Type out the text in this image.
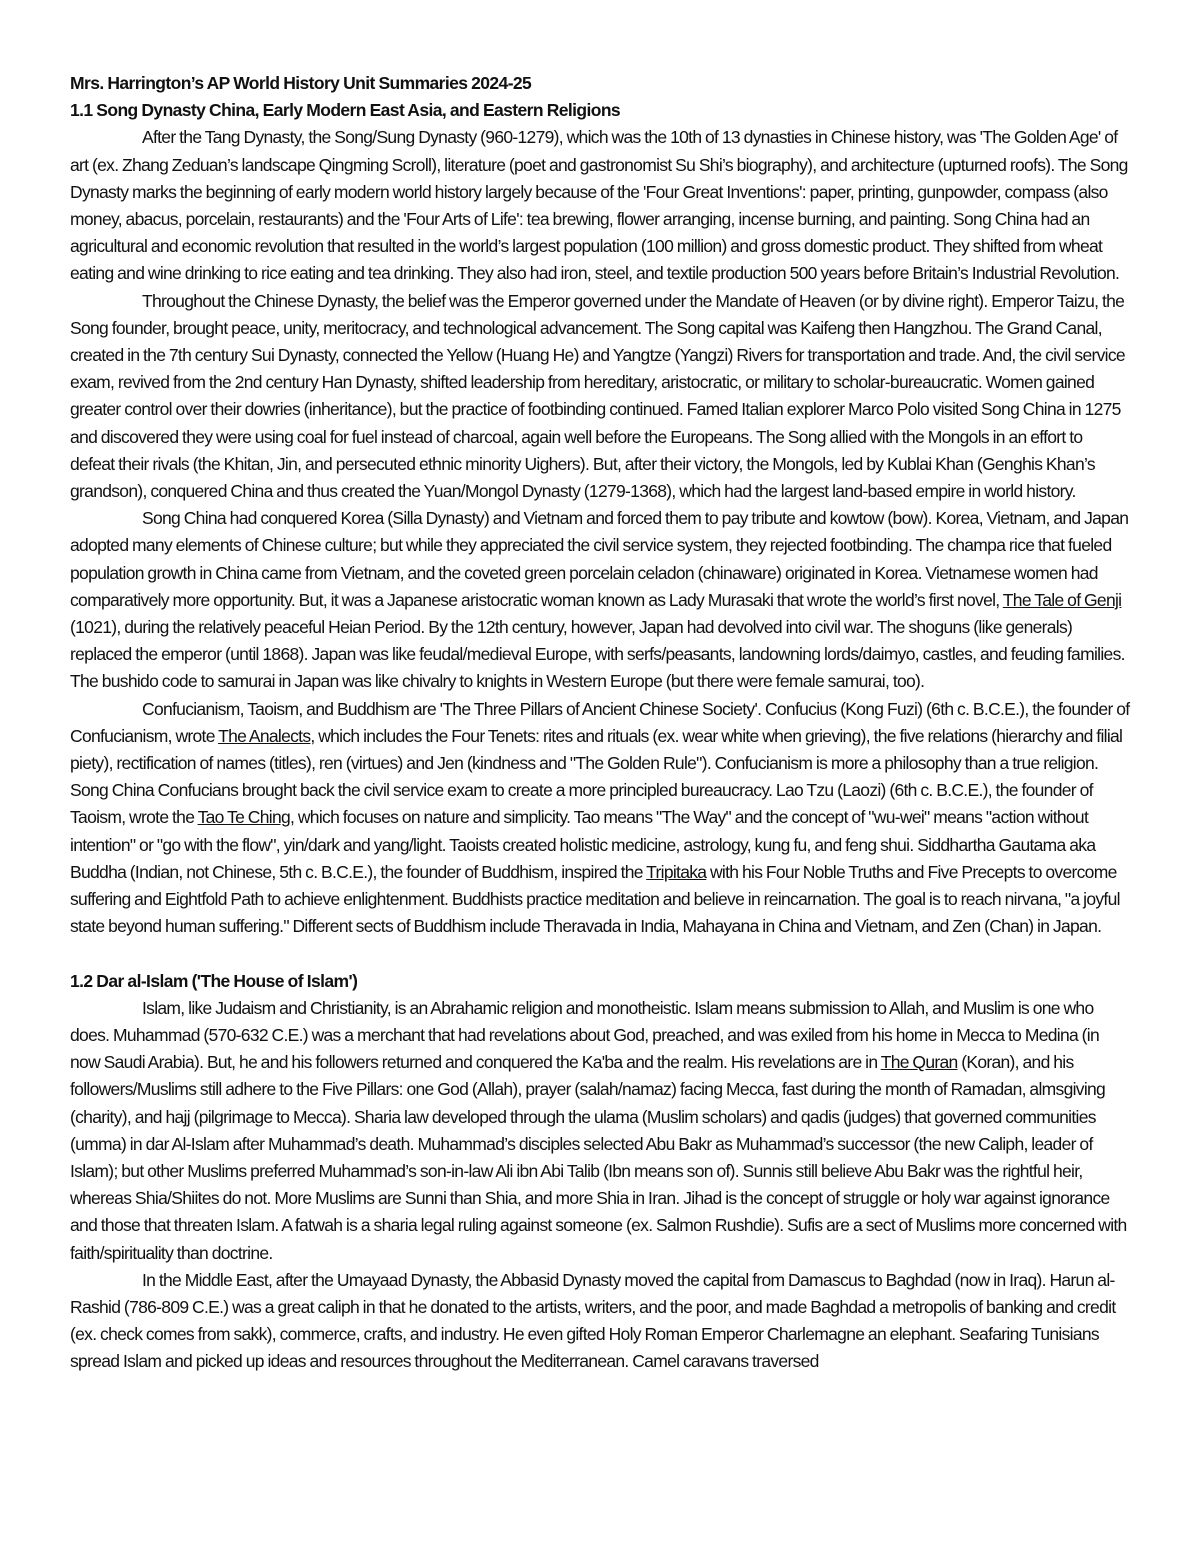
Mrs. Harrington’s AP World History Unit Summaries 2024-25
1.1 Song Dynasty China, Early Modern East Asia, and Eastern Religions

After the Tang Dynasty, the Song/Sung Dynasty (960-1279), which was the 10th of 13 dynasties in Chinese history, was 'The Golden Age' of art (ex. Zhang Zeduan’s landscape Qingming Scroll), literature (poet and gastronomist Su Shi’s biography), and architecture (upturned roofs). The Song Dynasty marks the beginning of early modern world history largely because of the 'Four Great Inventions': paper, printing, gunpowder, compass (also money, abacus, porcelain, restaurants) and the 'Four Arts of Life': tea brewing, flower arranging, incense burning, and painting. Song China had an agricultural and economic revolution that resulted in the world’s largest population (100 million) and gross domestic product. They shifted from wheat eating and wine drinking to rice eating and tea drinking. They also had iron, steel, and textile production 500 years before Britain’s Industrial Revolution.

Throughout the Chinese Dynasty, the belief was the Emperor governed under the Mandate of Heaven (or by divine right). Emperor Taizu, the Song founder, brought peace, unity, meritocracy, and technological advancement. The Song capital was Kaifeng then Hangzhou. The Grand Canal, created in the 7th century Sui Dynasty, connected the Yellow (Huang He) and Yangtze (Yangzi) Rivers for transportation and trade. And, the civil service exam, revived from the 2nd century Han Dynasty, shifted leadership from hereditary, aristocratic, or military to scholar-bureaucratic. Women gained greater control over their dowries (inheritance), but the practice of footbinding continued. Famed Italian explorer Marco Polo visited Song China in 1275 and discovered they were using coal for fuel instead of charcoal, again well before the Europeans. The Song allied with the Mongols in an effort to defeat their rivals (the Khitan, Jin, and persecuted ethnic minority Uighers). But, after their victory, the Mongols, led by Kublai Khan (Genghis Khan’s grandson), conquered China and thus created the Yuan/Mongol Dynasty (1279-1368), which had the largest land-based empire in world history.

Song China had conquered Korea (Silla Dynasty) and Vietnam and forced them to pay tribute and kowtow (bow). Korea, Vietnam, and Japan adopted many elements of Chinese culture; but while they appreciated the civil service system, they rejected footbinding. The champa rice that fueled population growth in China came from Vietnam, and the coveted green porcelain celadon (chinaware) originated in Korea. Vietnamese women had comparatively more opportunity. But, it was a Japanese aristocratic woman known as Lady Murasaki that wrote the world’s first novel, The Tale of Genji (1021), during the relatively peaceful Heian Period. By the 12th century, however, Japan had devolved into civil war. The shoguns (like generals) replaced the emperor (until 1868). Japan was like feudal/medieval Europe, with serfs/peasants, landowning lords/daimyo, castles, and feuding families. The bushido code to samurai in Japan was like chivalry to knights in Western Europe (but there were female samurai, too).

Confucianism, Taoism, and Buddhism are 'The Three Pillars of Ancient Chinese Society'. Confucius (Kong Fuzi) (6th c. B.C.E.), the founder of Confucianism, wrote The Analects, which includes the Four Tenets: rites and rituals (ex. wear white when grieving), the five relations (hierarchy and filial piety), rectification of names (titles), ren (virtues) and Jen (kindness and "The Golden Rule"). Confucianism is more a philosophy than a true religion. Song China Confucians brought back the civil service exam to create a more principled bureaucracy. Lao Tzu (Laozi) (6th c. B.C.E.), the founder of Taoism, wrote the Tao Te Ching, which focuses on nature and simplicity. Tao means "The Way" and the concept of "wu-wei" means "action without intention" or "go with the flow", yin/dark and yang/light. Taoists created holistic medicine, astrology, kung fu, and feng shui. Siddhartha Gautama aka Buddha (Indian, not Chinese, 5th c. B.C.E.), the founder of Buddhism, inspired the Tripitaka with his Four Noble Truths and Five Precepts to overcome suffering and Eightfold Path to achieve enlightenment. Buddhists practice meditation and believe in reincarnation. The goal is to reach nirvana, "a joyful state beyond human suffering." Different sects of Buddhism include Theravada in India, Mahayana in China and Vietnam, and Zen (Chan) in Japan.

1.2 Dar al-Islam ('The House of Islam')

Islam, like Judaism and Christianity, is an Abrahamic religion and monotheistic. Islam means submission to Allah, and Muslim is one who does. Muhammad (570-632 C.E.) was a merchant that had revelations about God, preached, and was exiled from his home in Mecca to Medina (in now Saudi Arabia). But, he and his followers returned and conquered the Ka'ba and the realm. His revelations are in The Quran (Koran), and his followers/Muslims still adhere to the Five Pillars: one God (Allah), prayer (salah/namaz) facing Mecca, fast during the month of Ramadan, almsgiving (charity), and hajj (pilgrimage to Mecca). Sharia law developed through the ulama (Muslim scholars) and qadis (judges) that governed communities (umma) in dar Al-Islam after Muhammad’s death. Muhammad’s disciples selected Abu Bakr as Muhammad’s successor (the new Caliph, leader of Islam); but other Muslims preferred Muhammad’s son-in-law Ali ibn Abi Talib (Ibn means son of). Sunnis still believe Abu Bakr was the rightful heir, whereas Shia/Shiites do not. More Muslims are Sunni than Shia, and more Shia in Iran. Jihad is the concept of struggle or holy war against ignorance and those that threaten Islam. A fatwah is a sharia legal ruling against someone (ex. Salmon Rushdie). Sufis are a sect of Muslims more concerned with faith/spirituality than doctrine.

In the Middle East, after the Umayaad Dynasty, the Abbasid Dynasty moved the capital from Damascus to Baghdad (now in Iraq). Harun al-Rashid (786-809 C.E.) was a great caliph in that he donated to the artists, writers, and the poor, and made Baghdad a metropolis of banking and credit (ex. check comes from sakk), commerce, crafts, and industry. He even gifted Holy Roman Emperor Charlemagne an elephant. Seafaring Tunisians spread Islam and picked up ideas and resources throughout the Mediterranean. Camel caravans traversed
